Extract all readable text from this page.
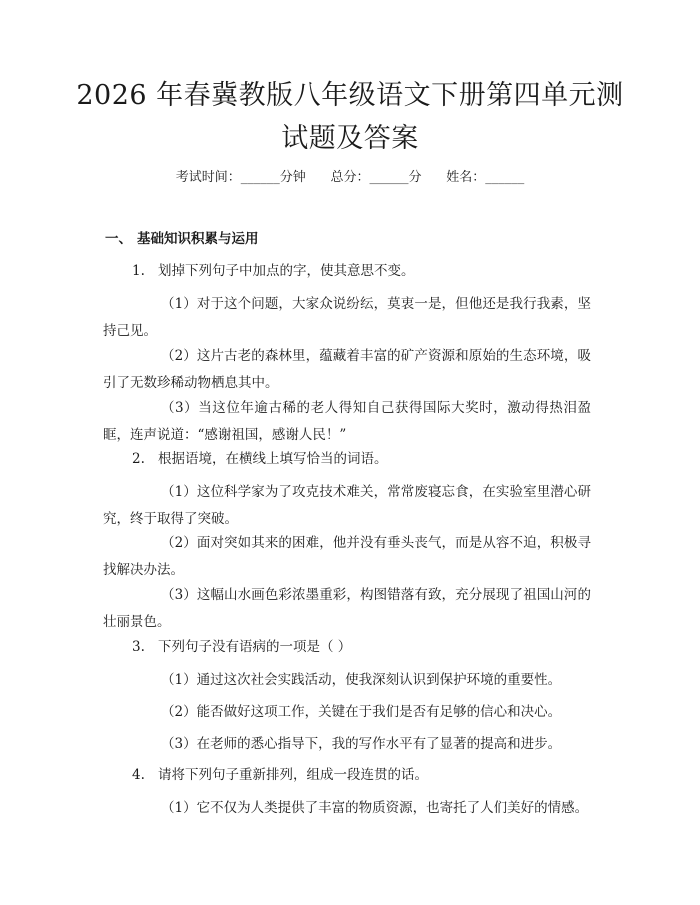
2026 年春冀教版八年级语文下册第四单元测
试题及答案
考试时间：______分钟      总分：______分      姓名：______
一、 基础知识积累与运用
1. 划掉下列句子中加点的字，使其意思不变。
（1）对于这个问题，大家众说纷纭，莫衷一是，但他还是我行我素，坚持己见。
（2）这片古老的森林里，蕴藏着丰富的矿产资源和原始的生态环境，吸引了无数珍稀动物栖息其中。
（3）当这位年逾古稀的老人得知自己获得国际大奖时，激动得热泪盈眶，连声说道：“感谢祖国，感谢人民！”
2. 根据语境，在横线上填写恰当的词语。
（1）这位科学家为了攻克技术难关，常常废寝忘食，在实验室里潜心研究，终于取得了突破。
（2）面对突如其来的困难，他并没有垂头丧气，而是从容不迫，积极寻找解决办法。
（3）这幅山水画色彩浓墨重彩，构图错落有致，充分展现了祖国山河的壮丽景色。
3. 下列句子没有语病的一项是（ ）
（1）通过这次社会实践活动，使我深刻认识到保护环境的重要性。
（2）能否做好这项工作，关键在于我们是否有足够的信心和决心。
（3）在老师的悉心指导下，我的写作水平有了显著的提高和进步。
4. 请将下列句子重新排列，组成一段连贯的话。
（1）它不仅为人类提供了丰富的物质资源，也寄托了人们美好的情感。
